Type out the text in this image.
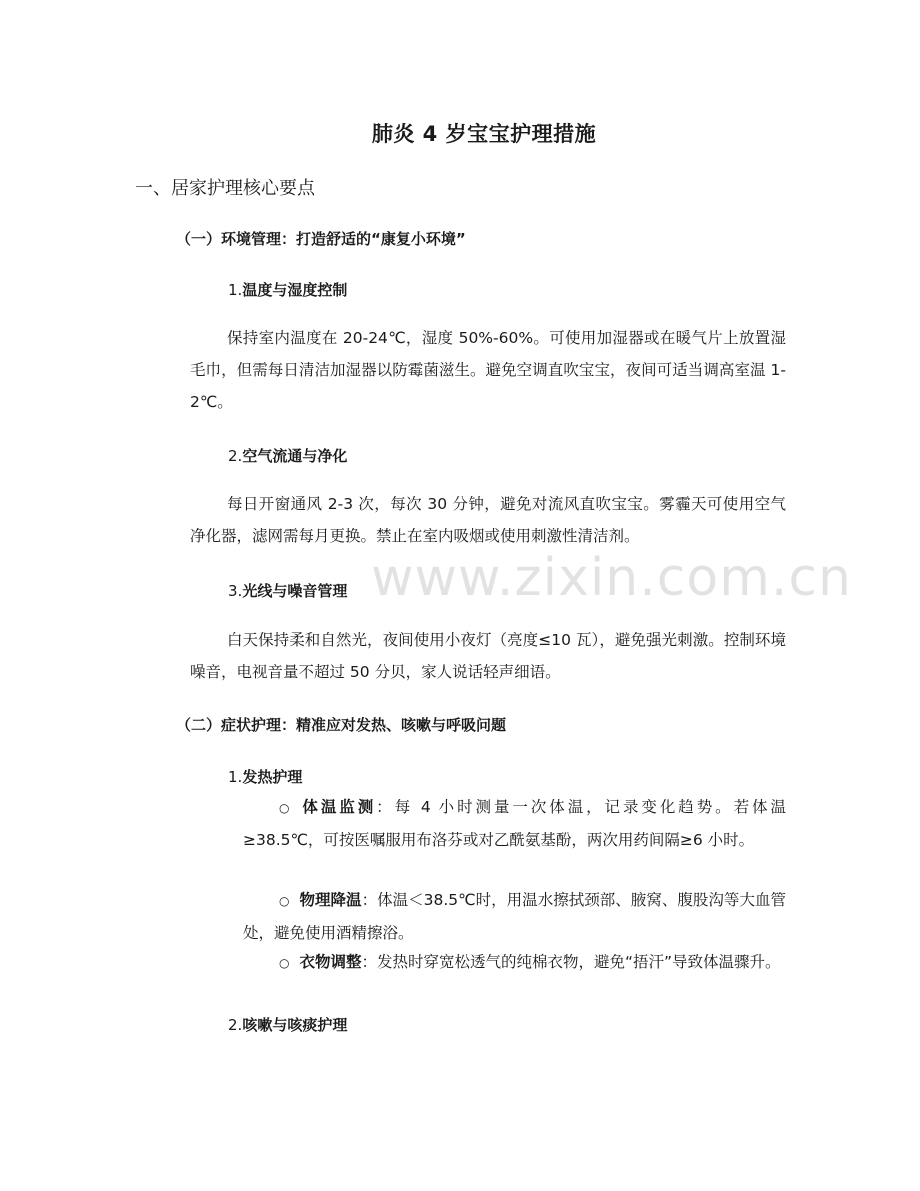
肺炎 4 岁宝宝护理措施
一、居家护理核心要点
（一）环境管理：打造舒适的“康复小环境”
1.温度与湿度控制
保持室内温度在 20-24℃，湿度 50%-60%。可使用加湿器或在暖气片上放置湿毛巾，但需每日清洁加湿器以防霉菌滋生。避免空调直吹宝宝，夜间可适当调高室温 1-2℃。
2.空气流通与净化
每日开窗通风 2-3 次，每次 30 分钟，避免对流风直吹宝宝。雾霾天可使用空气净化器，滤网需每月更换。禁止在室内吸烟或使用刺激性清洁剂。
3.光线与噪音管理
白天保持柔和自然光，夜间使用小夜灯（亮度≤10 瓦），避免强光刺激。控制环境噪音，电视音量不超过 50 分贝，家人说话轻声细语。
（二）症状护理：精准应对发热、咳嗽与呼吸问题
1.发热护理
○ 体温监测：每 4 小时测量一次体温，记录变化趋势。若体温≥38.5℃，可按医嘱服用布洛芬或对乙酰氨基酚，两次用药间隔≥6 小时。
○ 物理降温：体温＜38.5℃时，用温水擦拭颈部、腋窝、腹股沟等大血管处，避免使用酒精擦浴。
○ 衣物调整：发热时穿宽松透气的纯棉衣物，避免“捂汗”导致体温骤升。
2.咳嗽与咳痰护理
www.zixin.com.cn
